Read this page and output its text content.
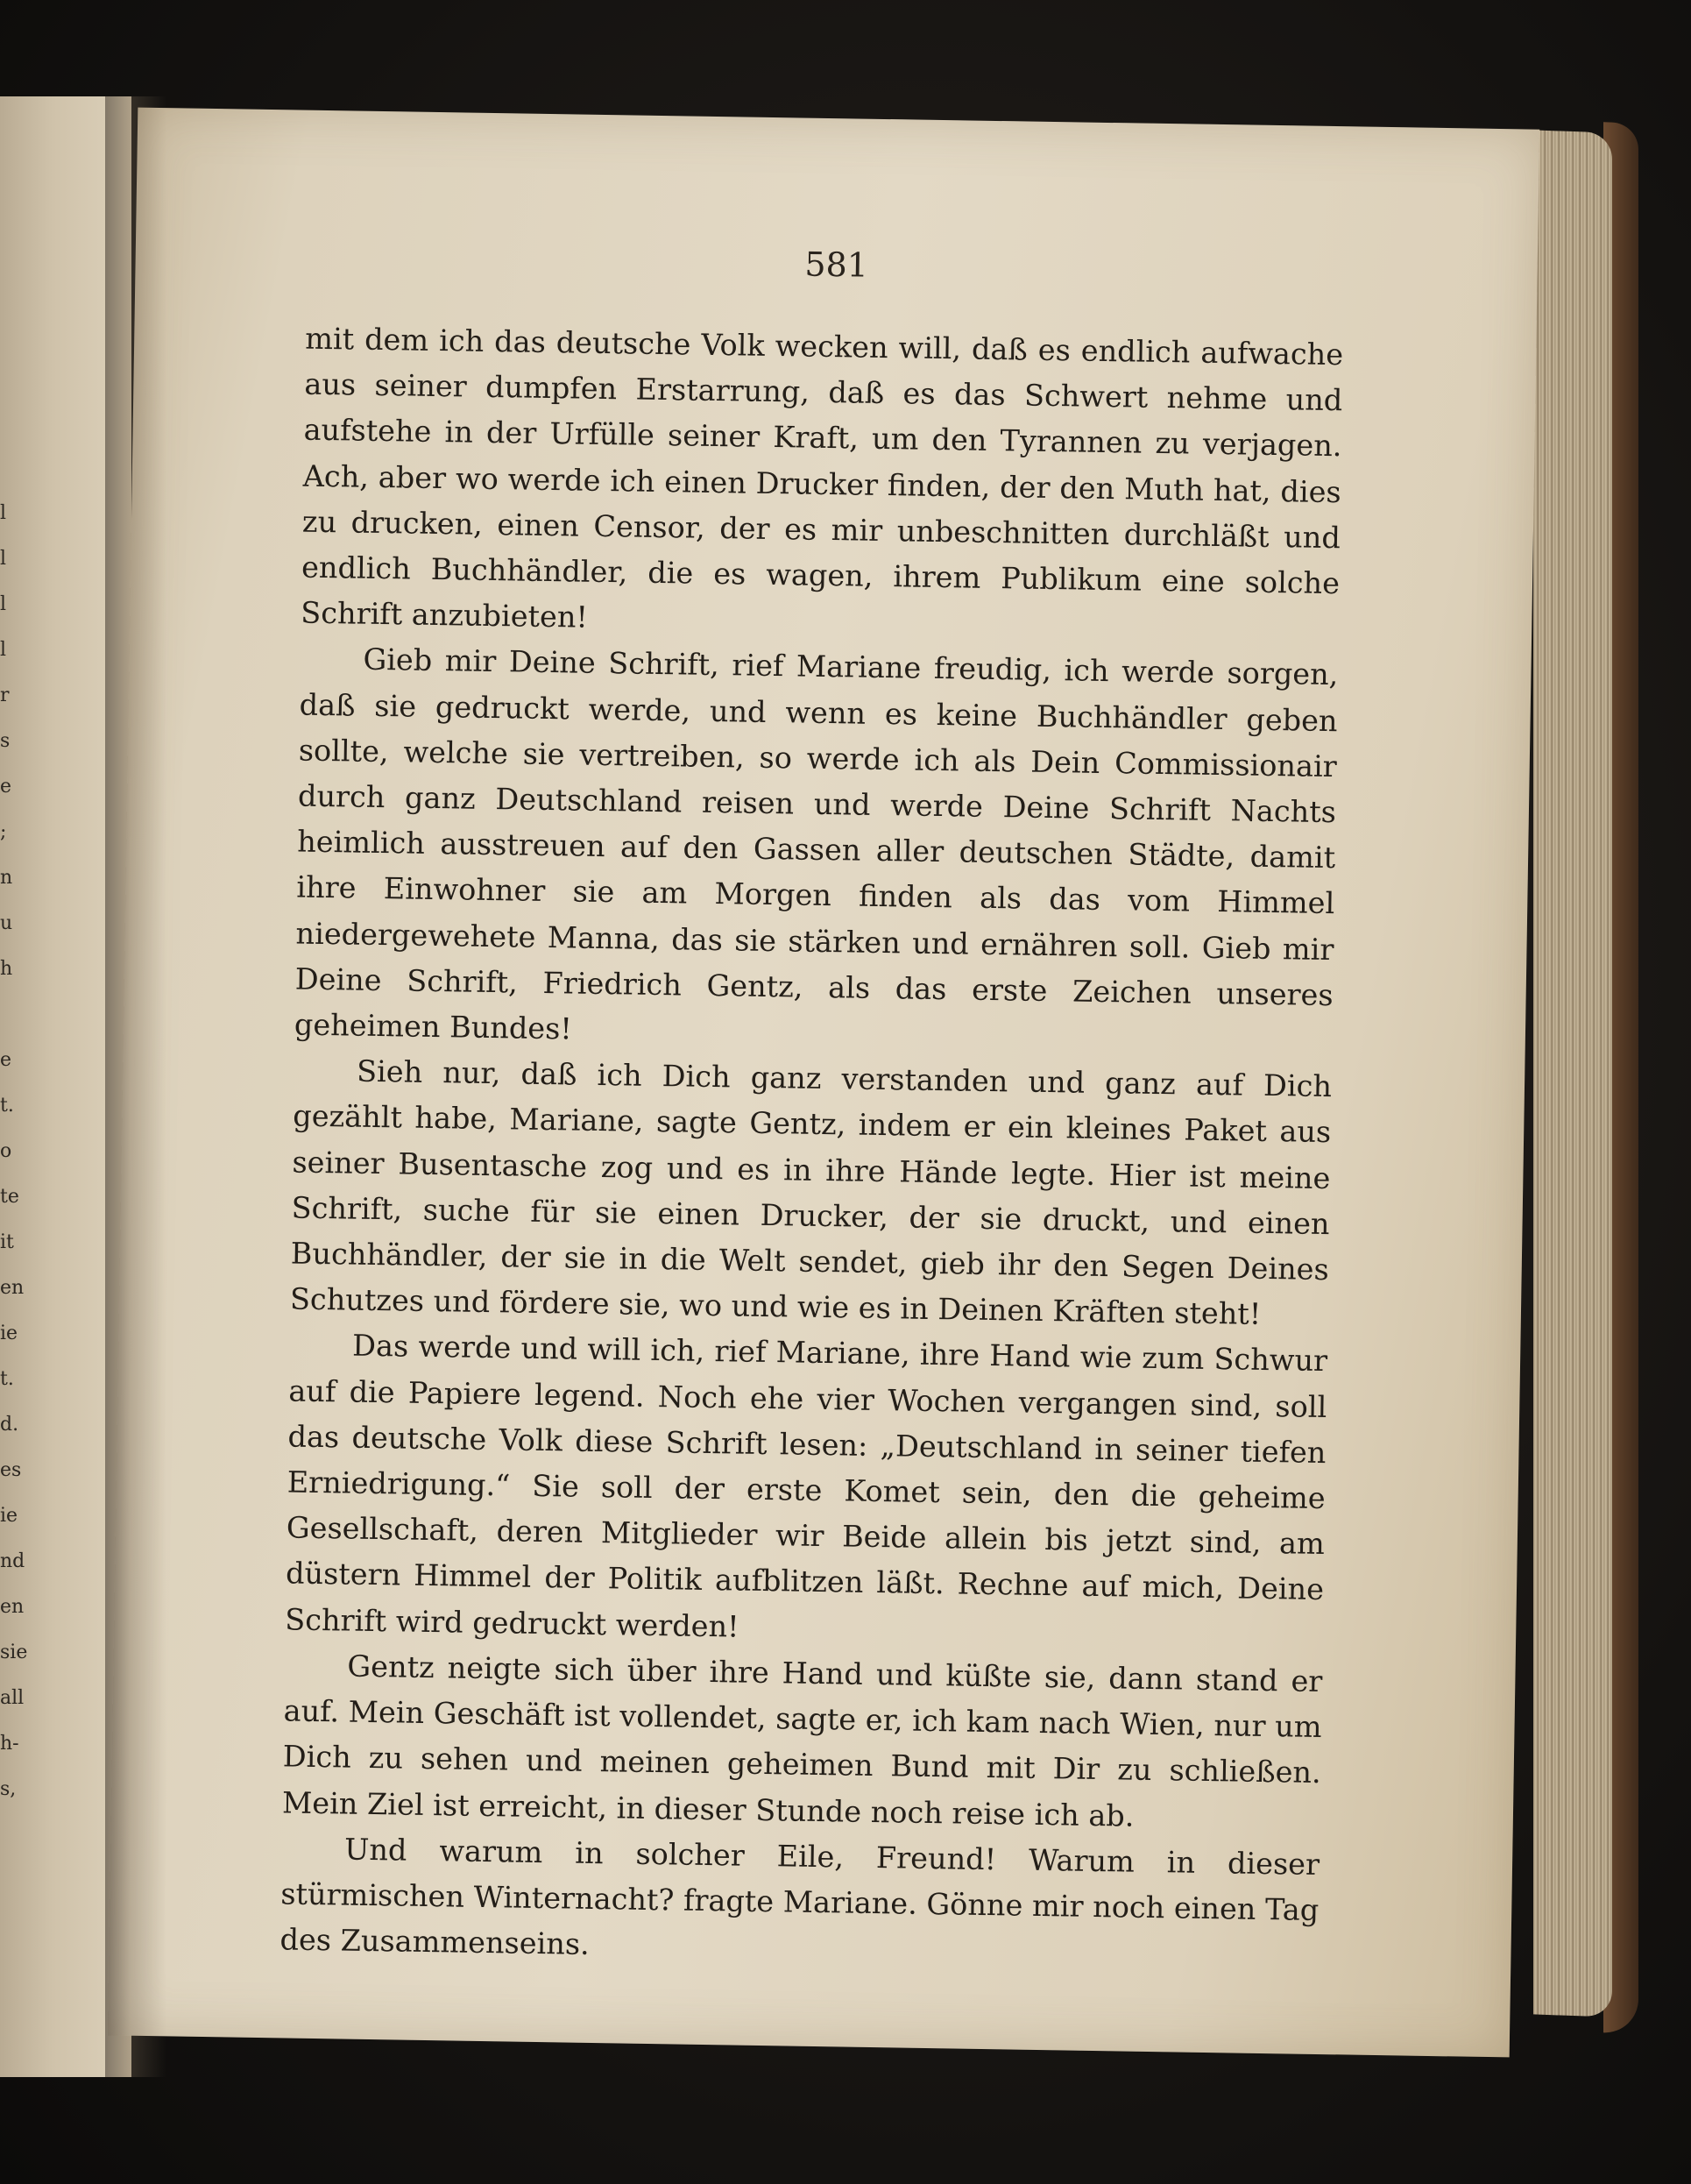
l
l
l
l
r
s
e
;
n
u
h
e
t.
o
te
it
en
ie
t.
d.
es
ie
nd
en
sie
all
h-
s,
581

mit dem ich das deutsche Volk wecken will, daß es endlich aufwache aus seiner dumpfen Erstarrung, daß es das Schwert nehme und aufstehe in der Urfülle seiner Kraft, um den Tyrannen zu verjagen. Ach, aber wo werde ich einen Drucker finden, der den Muth hat, dies zu drucken, einen Censor, der es mir unbeschnitten durchläßt und endlich Buchhändler, die es wagen, ihrem Publikum eine solche Schrift anzubieten!

Gieb mir Deine Schrift, rief Mariane freudig, ich werde sorgen, daß sie gedruckt werde, und wenn es keine Buchhändler geben sollte, welche sie vertreiben, so werde ich als Dein Commissionair durch ganz Deutschland reisen und werde Deine Schrift Nachts heimlich ausstreuen auf den Gassen aller deutschen Städte, damit ihre Einwohner sie am Morgen finden als das vom Himmel niedergewehete Manna, das sie stärken und ernähren soll. Gieb mir Deine Schrift, Friedrich Gentz, als das erste Zeichen unseres geheimen Bundes!

Sieh nur, daß ich Dich ganz verstanden und ganz auf Dich gezählt habe, Mariane, sagte Gentz, indem er ein kleines Paket aus seiner Busentasche zog und es in ihre Hände legte. Hier ist meine Schrift, suche für sie einen Drucker, der sie druckt, und einen Buchhändler, der sie in die Welt sendet, gieb ihr den Segen Deines Schutzes und fördere sie, wo und wie es in Deinen Kräften steht!

Das werde und will ich, rief Mariane, ihre Hand wie zum Schwur auf die Papiere legend. Noch ehe vier Wochen vergangen sind, soll das deutsche Volk diese Schrift lesen: „Deutschland in seiner tiefen Erniedrigung.“ Sie soll der erste Komet sein, den die geheime Gesellschaft, deren Mitglieder wir Beide allein bis jetzt sind, am düstern Himmel der Politik aufblitzen läßt. Rechne auf mich, Deine Schrift wird gedruckt werden!

Gentz neigte sich über ihre Hand und küßte sie, dann stand er auf. Mein Geschäft ist vollendet, sagte er, ich kam nach Wien, nur um Dich zu sehen und meinen geheimen Bund mit Dir zu schließen. Mein Ziel ist erreicht, in dieser Stunde noch reise ich ab.

Und warum in solcher Eile, Freund! Warum in dieser stürmischen Winternacht? fragte Mariane. Gönne mir noch einen Tag des Zusammenseins.
